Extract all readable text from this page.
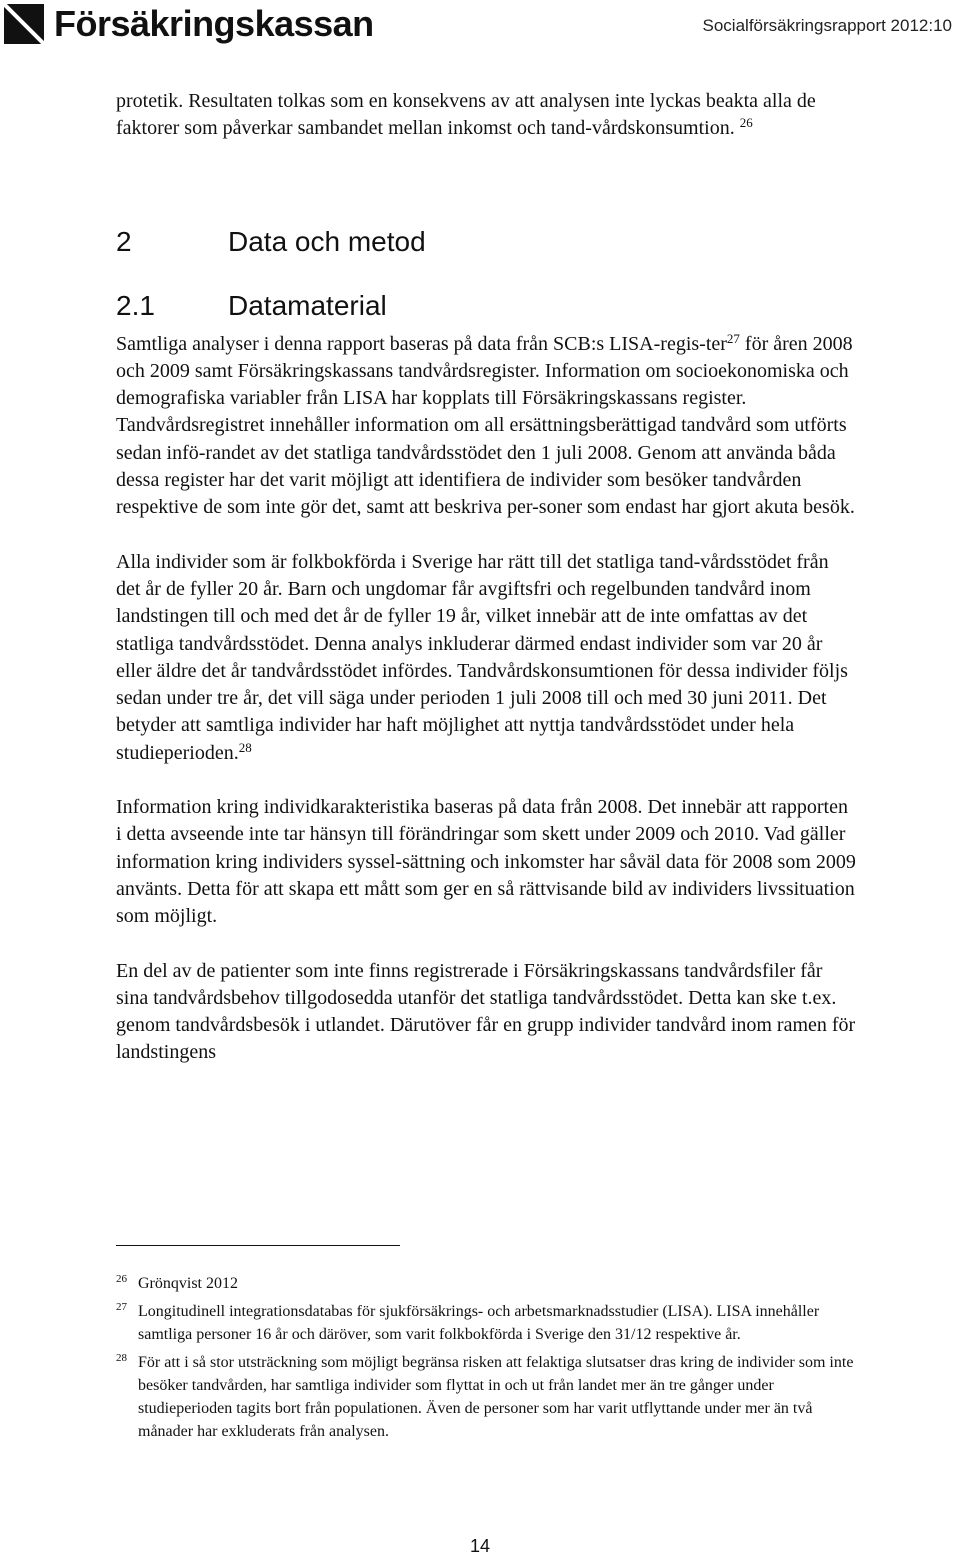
Försäkringskassan	Socialförsäkringsrapport 2012:10

protetik. Resultaten tolkas som en konsekvens av att analysen inte lyckas beakta alla de faktorer som påverkar sambandet mellan inkomst och tand-vårdskonsumtion. $^{26}$

2	Data och metod
2.1	Datamaterial

Samtliga analyser i denna rapport baseras på data från SCB:s LISA-regis-ter$^{27}$ för åren 2008 och 2009 samt Försäkringskassans tandvårdsregister. Information om socioekonomiska och demografiska variabler från LISA har kopplats till Försäkringskassans register. Tandvårdsregistret innehåller information om all ersättningsberättigad tandvård som utförts sedan infö-randet av det statliga tandvårdsstödet den 1 juli 2008. Genom att använda båda dessa register har det varit möjligt att identifiera de individer som besöker tandvården respektive de som inte gör det, samt att beskriva per-soner som endast har gjort akuta besök.

Alla individer som är folkbokförda i Sverige har rätt till det statliga tand-vårdsstödet från det år de fyller 20 år. Barn och ungdomar får avgiftsfri och regelbunden tandvård inom landstingen till och med det år de fyller 19 år, vilket innebär att de inte omfattas av det statliga tandvårdsstödet. Denna analys inkluderar därmed endast individer som var 20 år eller äldre det år tandvårdsstödet infördes. Tandvårdskonsumtionen för dessa individer följs sedan under tre år, det vill säga under perioden 1 juli 2008 till och med 30 juni 2011. Det betyder att samtliga individer har haft möjlighet att nyttja tandvårdsstödet under hela studieperioden.$^{28}$

Information kring individkarakteristika baseras på data från 2008. Det innebär att rapporten i detta avseende inte tar hänsyn till förändringar som skett under 2009 och 2010. Vad gäller information kring individers syssel-sättning och inkomster har såväl data för 2008 som 2009 använts. Detta för att skapa ett mått som ger en så rättvisande bild av individers livssituation som möjligt.

En del av de patienter som inte finns registrerade i Försäkringskassans tandvårdsfiler får sina tandvårdsbehov tillgodosedda utanför det statliga tandvårdsstödet. Detta kan ske t.ex. genom tandvårdsbesök i utlandet. Därutöver får en grupp individer tandvård inom ramen för landstingens

26 Grönqvist 2012
27 Longitudinell integrationsdatabas för sjukförsäkrings- och arbetsmarknadsstudier (LISA). LISA innehåller samtliga personer 16 år och däröver, som varit folkbokförda i Sverige den 31/12 respektive år.
28 För att i så stor utsträckning som möjligt begränsa risken att felaktiga slutsatser dras kring de individer som inte besöker tandvården, har samtliga individer som flyttat in och ut från landet mer än tre gånger under studieperioden tagits bort från populationen. Även de personer som har varit utflyttande under mer än två månader har exkluderats från analysen.
14
